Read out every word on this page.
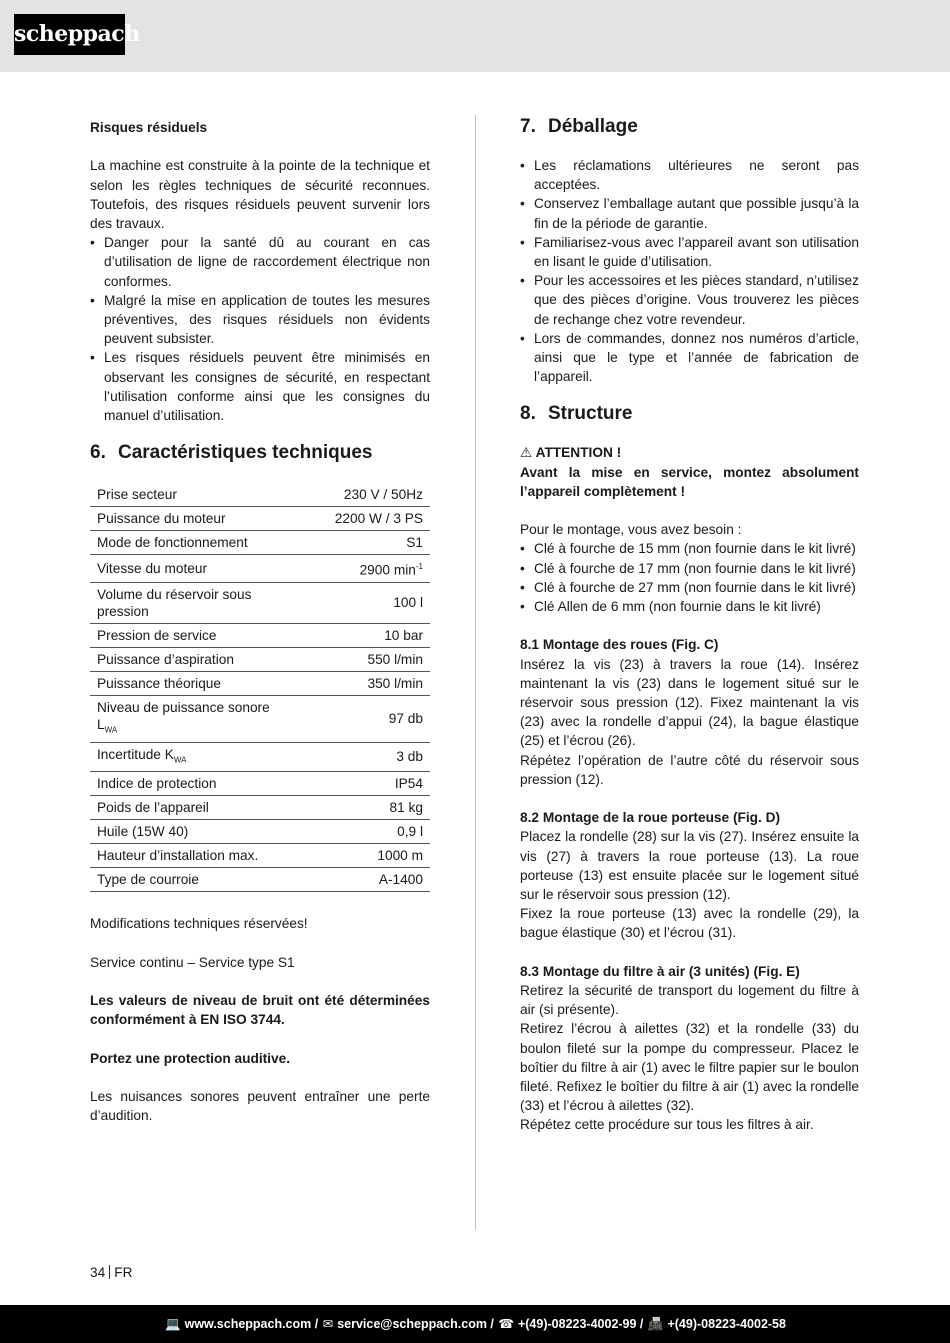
scheppach

Risques résiduels

La machine est construite à la pointe de la technique et selon les règles techniques de sécurité reconnues. Toutefois, des risques résiduels peuvent survenir lors des travaux.

• Danger pour la santé dû au courant en cas d’utilisation de ligne de raccordement électrique non conformes.
• Malgré la mise en application de toutes les mesures préventives, des risques résiduels non évidents peuvent subsister.
• Les risques résiduels peuvent être minimisés en observant les consignes de sécurité, en respectant l’utilisation conforme ainsi que les consignes du manuel d’utilisation.
6. Caractéristiques techniques
Prise secteur	230 V / 50Hz
Puissance du moteur	2200 W / 3 PS
Mode de fonctionnement	S1
Vitesse du moteur	2900 $\min^{-1}$
Volume du réservoir sous pression	100 l
Pression de service	10 bar
Puissance d’aspiration	550 l/min
Puissance théorique	350 l/min
Niveau de puissance sonore $L_{WA}$	97 db
Incertitude $K_{WA}$	3 db
Indice de protection	IP54
Poids de l’appareil	81 kg
Huile (15W 40)	0,9 l
Hauteur d’installation max.	1000 m
Type de courroie	A-1400

Modifications techniques réservées!

Service continu – Service type S1

Les valeurs de niveau de bruit ont été déterminées conformément à EN ISO 3744.

Portez une protection auditive.

Les nuisances sonores peuvent entraîner une perte d’audition.

7. Déballage
• Les réclamations ultérieures ne seront pas acceptées.
• Conservez l’emballage autant que possible jusqu’à la fin de la période de garantie.
• Familiarisez-vous avec l’appareil avant son utilisation en lisant le guide d’utilisation.
• Pour les accessoires et les pièces standard, n’utilisez que des pièces d’origine. Vous trouverez les pièces de rechange chez votre revendeur.
• Lors de commandes, donnez nos numéros d’article, ainsi que le type et l’année de fabrication de l’appareil.
8. Structure

⚠ ATTENTION !

Avant la mise en service, montez absolument l’appareil complètement !

Pour le montage, vous avez besoin :

• Clé à fourche de 15 mm (non fournie dans le kit livré)
• Clé à fourche de 17 mm (non fournie dans le kit livré)
• Clé à fourche de 27 mm (non fournie dans le kit livré)
• Clé Allen de 6 mm (non fournie dans le kit livré)

8.1 Montage des roues (Fig. C)

Insérez la vis (23) à travers la roue (14). Insérez maintenant la vis (23) dans le logement situé sur le réservoir sous pression (12). Fixez maintenant la vis (23) avec la rondelle d’appui (24), la bague élastique (25) et l’écrou (26).

Répétez l’opération de l’autre côté du réservoir sous pression (12).

8.2 Montage de la roue porteuse (Fig. D)

Placez la rondelle (28) sur la vis (27). Insérez ensuite la vis (27) à travers la roue porteuse (13). La roue porteuse (13) est ensuite placée sur le logement situé sur le réservoir sous pression (12).

Fixez la roue porteuse (13) avec la rondelle (29), la bague élastique (30) et l’écrou (31).

8.3 Montage du filtre à air (3 unités) (Fig. E)

Retirez la sécurité de transport du logement du filtre à air (si présente).

Retirez l’écrou à ailettes (32) et la rondelle (33) du boulon fileté sur la pompe du compresseur. Placez le boîtier du filtre à air (1) avec le filtre papier sur le boulon fileté. Refixez le boîtier du filtre à air (1) avec la rondelle (33) et l’écrou à ailettes (32).

Répétez cette procédure sur tous les filtres à air.

34 FR
💻 www.scheppach.com / ✉ service@scheppach.com / ☎ +(49)-08223-4002-99 / 📠 +(49)-08223-4002-58
